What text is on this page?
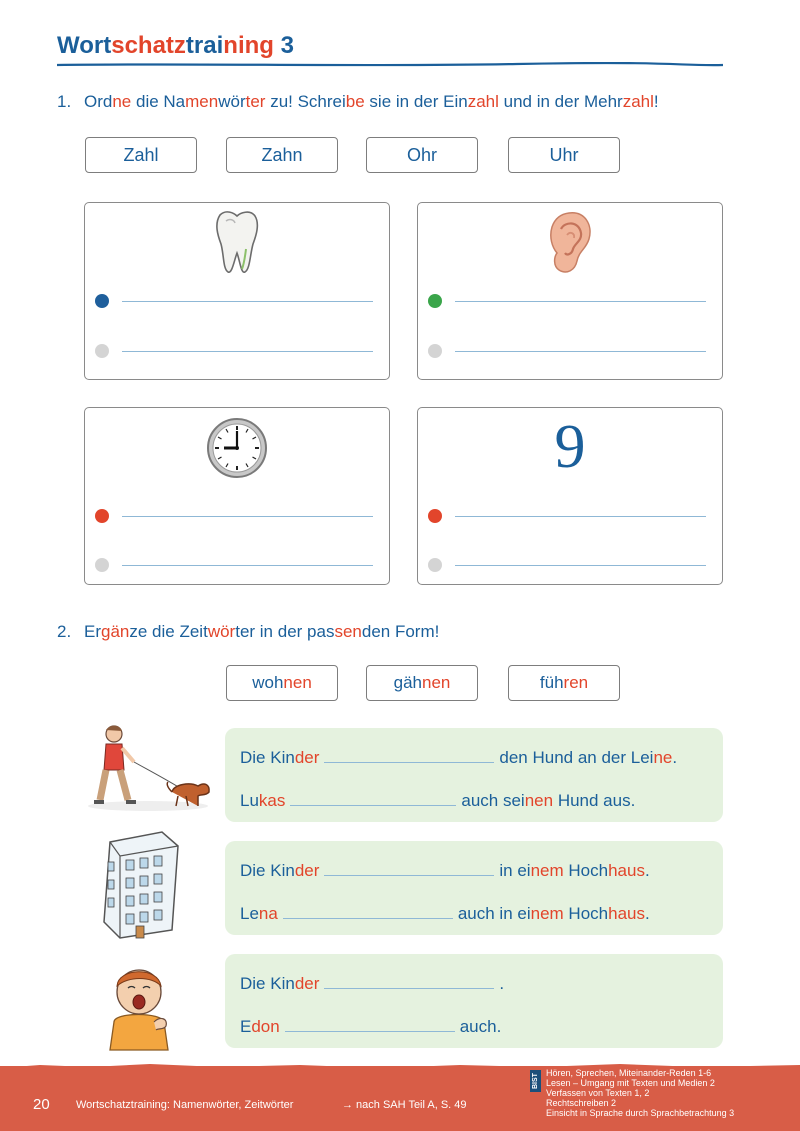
Wortschatztraining 3
1. Ordne die Namenwörter zu! Schreibe sie in der Einzahl und in der Mehrzahl!
Zahl	Zahn	Ohr	Uhr
9
2. Ergänze die Zeitwörter in der passenden Form!
wohnen	gähnen	führen
Die Kinder	den Hund an der Leine.
Lukas	auch seinen Hund aus.
Die Kinder	in einem Hochhaus.
Lena	auch in einem Hochhaus.
Die Kinder	.
Edon	auch.
20 Wortschatztraining: Namenwörter, Zeitwörter	→ nach SAH Teil A, S. 49
BIST
Hören, Sprechen, Miteinander-Reden 1-6
Lesen – Umgang mit Texten und Medien 2
Verfassen von Texten 1, 2
Rechtschreiben 2
Einsicht in Sprache durch Sprachbetrachtung 3
